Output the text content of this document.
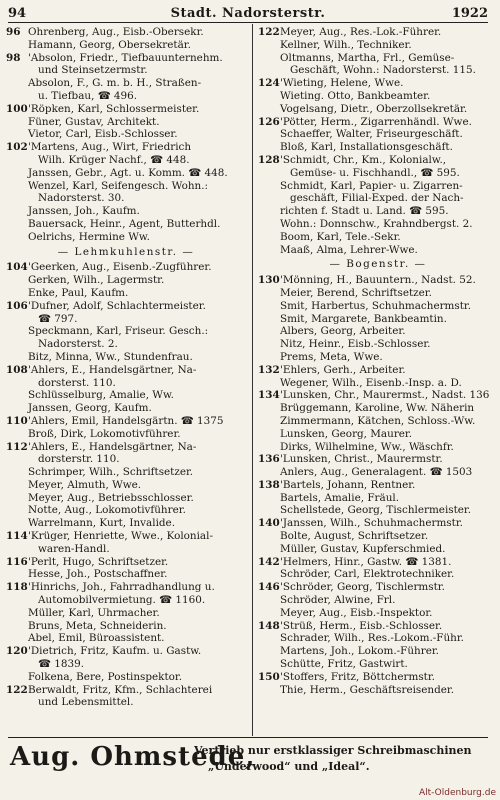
94	Stadt. Nadorsterstr.	1922
96 Ohrenberg, Aug., Eisb.-Obersekr.
Hamann, Georg, Obersekretär.
98 'Absolon, Friedr., Tiefbauunternehm.
und Steinsetzermstr.
Absolon, F., G. m. b. H., Straßen-
u. Tiefbau, ☎ 496.
100'Röpken, Karl, Schlossermeister.
Füner, Gustav, Architekt.
Vietor, Carl, Eisb.-Schlosser.
102'Martens, Aug., Wirt, Friedrich
Wilh. Krüger Nachf., ☎ 448.
Janssen, Gebr., Agt. u. Komm. ☎ 448.
Wenzel, Karl, Seifengesch. Wohn.:
Nadorsterst. 30.
Janssen, Joh., Kaufm.
Bauersack, Heinr., Agent, Butterhdl.
Oelrichs, Hermine Ww.
— Lehmkuhlenstr. —
104'Geerken, Aug., Eisenb.-Zugführer.
Gerken, Wilh., Lagermstr.
Enke, Paul, Kaufm.
106'Dufner, Adolf, Schlachtermeister.
☎ 797.
Speckmann, Karl, Friseur. Gesch.:
Nadorsterst. 2.
Bitz, Minna, Ww., Stundenfrau.
108'Ahlers, E., Handelsgärtner, Na-
dorsterst. 110.
Schlüsselburg, Amalie, Ww.
Janssen, Georg, Kaufm.
110'Ahlers, Emil, Handelsgärtn. ☎ 1375
Broß, Dirk, Lokomotivführer.
112'Ahlers, E., Handelsgärtner, Na-
dorsterstr. 110.
Schrimper, Wilh., Schriftsetzer.
Meyer, Almuth, Wwe.
Meyer, Aug., Betriebsschlosser.
Notte, Aug., Lokomotivführer.
Warrelmann, Kurt, Invalide.
114'Krüger, Henriette, Wwe., Kolonial-
waren-Handl.
116'Perlt, Hugo, Schriftsetzer.
Hesse, Joh., Postschaffner.
118'Hinrichs, Joh., Fahrradhandlung u.
Automobilvermietung. ☎ 1160.
Müller, Karl, Uhrmacher.
Bruns, Meta, Schneiderin.
Abel, Emil, Büroassistent.
120'Dietrich, Fritz, Kaufm. u. Gastw.
☎ 1839.
Folkena, Bere, Postinspektor.
122Berwaldt, Fritz, Kfm., Schlachterei
und Lebensmittel.
122Meyer, Aug., Res.-Lok.-Führer.
Kellner, Wilh., Techniker.
Oltmanns, Martha, Frl., Gemüse-
Geschäft, Wohn.: Nadorsterst. 115.
124'Wieting, Helene, Wwe.
Wieting. Otto, Bankbeamter.
Vogelsang, Dietr., Oberzollsekretär.
126'Pötter, Herm., Zigarrenhändl. Wwe.
Schaeffer, Walter, Friseurgeschäft.
Bloß, Karl, Installationsgeschäft.
128'Schmidt, Chr., Km., Kolonialw.,
Gemüse- u. Fischhandl., ☎ 595.
Schmidt, Karl, Papier- u. Zigarren-
geschäft, Filial-Exped. der Nach-
richten f. Stadt u. Land. ☎ 595.
Wohn.: Donnschw., Krahndbergst. 2.
Boom, Karl, Tele.-Sekr.
Maaß, Alma, Lehrer-Wwe.
— Bogenstr. —
130'Mönning, H., Bauuntern., Nadst. 52.
Meier, Berend, Schriftsetzer.
Smit, Harbertus, Schuhmachermstr.
Smit, Margarete, Bankbeamtin.
Albers, Georg, Arbeiter.
Nitz, Heinr., Eisb.-Schlosser.
Prems, Meta, Wwe.
132'Ehlers, Gerh., Arbeiter.
Wegener, Wilh., Eisenb.-Insp. a. D.
134'Lunsken, Chr., Maurermst., Nadst. 136
Brüggemann, Karoline, Ww. Näherin
Zimmermann, Kätchen, Schloss.-Ww.
Lunsken, Georg, Maurer.
Dirks, Wilhelmine, Ww., Wäschfr.
136'Lunsken, Christ., Maurermstr.
Anlers, Aug., Generalagent. ☎ 1503
138'Bartels, Johann, Rentner.
Bartels, Amalie, Fräul.
Schellstede, Georg, Tischlermeister.
140'Janssen, Wilh., Schuhmachermstr.
Bolte, August, Schriftsetzer.
Müller, Gustav, Kupferschmied.
142'Helmers, Hinr., Gastw. ☎ 1381.
Schröder, Carl, Elektrotechniker.
146'Schröder, Georg, Tischlermstr.
Schröder, Alwine, Frl.
Meyer, Aug., Eisb.-Inspektor.
148'Strüß, Herm., Eisb.-Schlosser.
Schrader, Wilh., Res.-Lokom.-Führ.
Martens, Joh., Lokom.-Führer.
Schütte, Fritz, Gastwirt.
150'Stoffers, Fritz, Böttchermstr.
Thie, Herm., Geschäftsreisender.
Aug. Ohmstede,
Vertrieb nur erstklassiger Schreibmaschinen
„Underwood“ und „Ideal“.
Alt-Oldenburg.de
